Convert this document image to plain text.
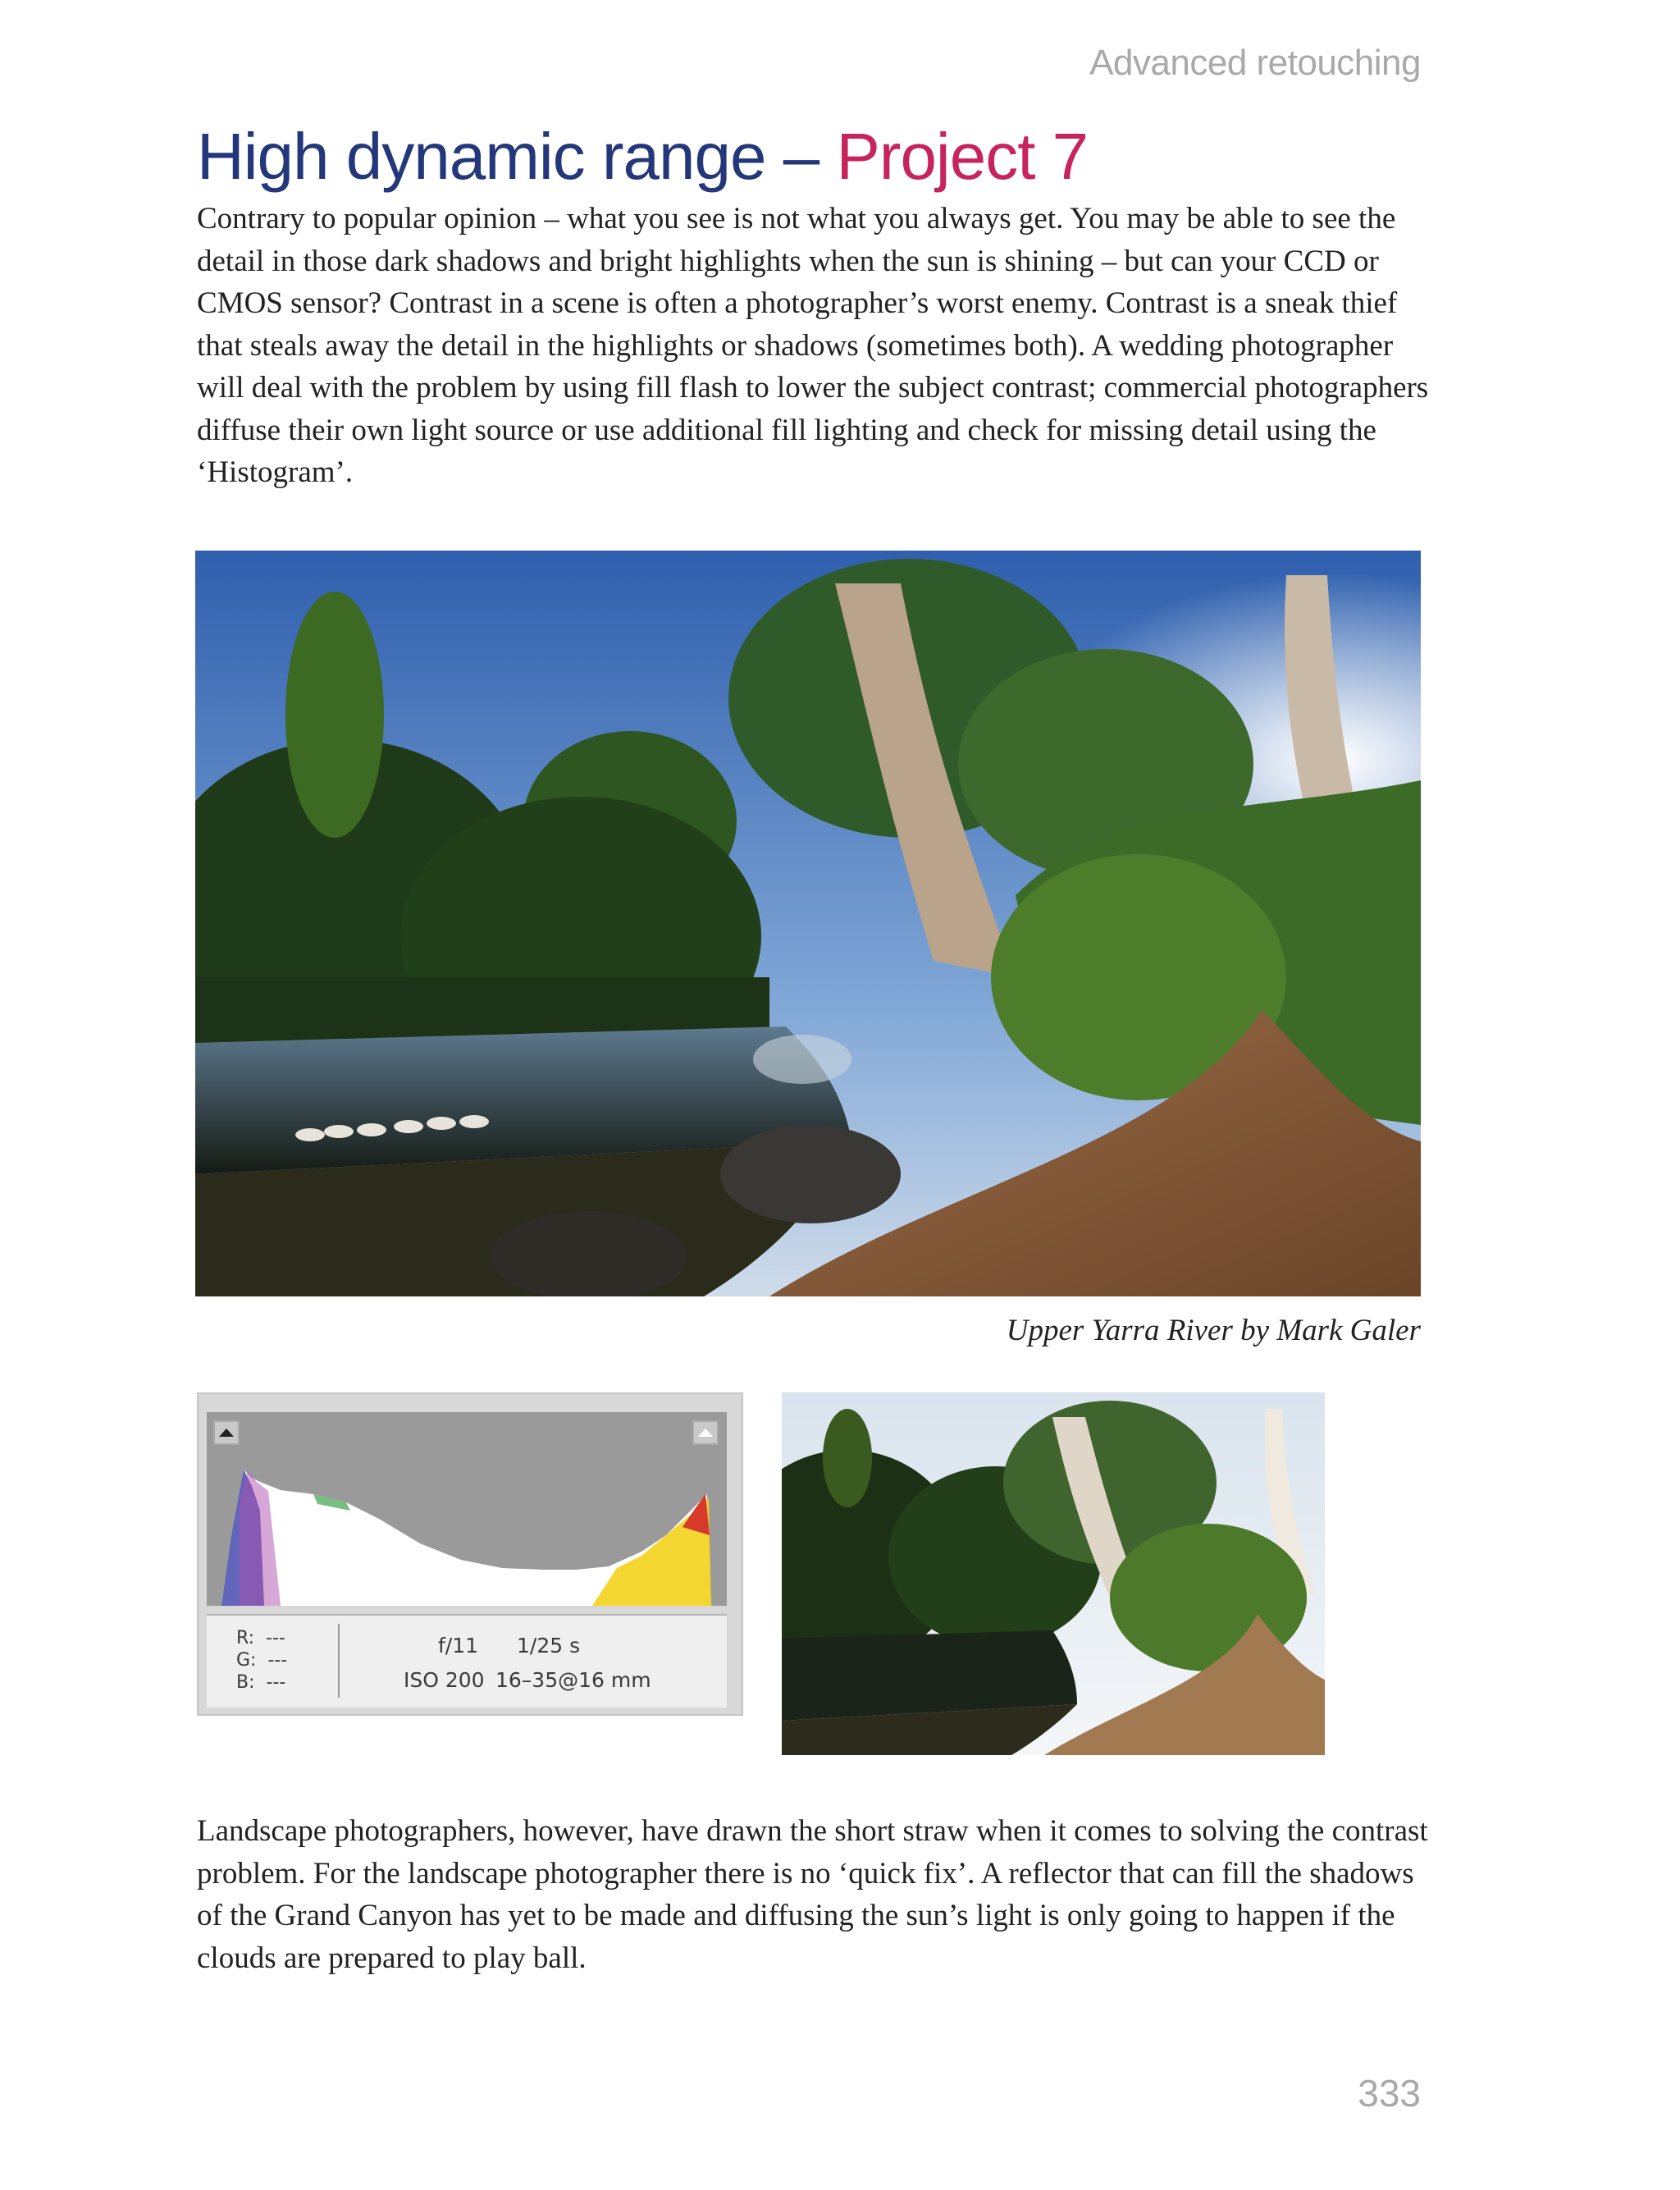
Advanced retouching
High dynamic range – Project 7

Contrary to popular opinion – what you see is not what you always get. You may be able to see the detail in those dark shadows and bright highlights when the sun is shining – but can your CCD or CMOS sensor? Contrast in a scene is often a photographer’s worst enemy. Contrast is a sneak thief that steals away the detail in the highlights or shadows (sometimes both). A wedding photographer will deal with the problem by using fill flash to lower the subject contrast; commercial photographers diffuse their own light source or use additional fill lighting and check for missing detail using the ‘Histogram’.

Upper Yarra River by Mark Galer
R:  ---
G:  ---
B:  ---
f/11 1/25 s
ISO 200 16–35@16 mm

Landscape photographers, however, have drawn the short straw when it comes to solving the contrast problem. For the landscape photographer there is no ‘quick fix’. A reflector that can fill the shadows of the Grand Canyon has yet to be made and diffusing the sun’s light is only going to happen if the clouds are prepared to play ball.

333
